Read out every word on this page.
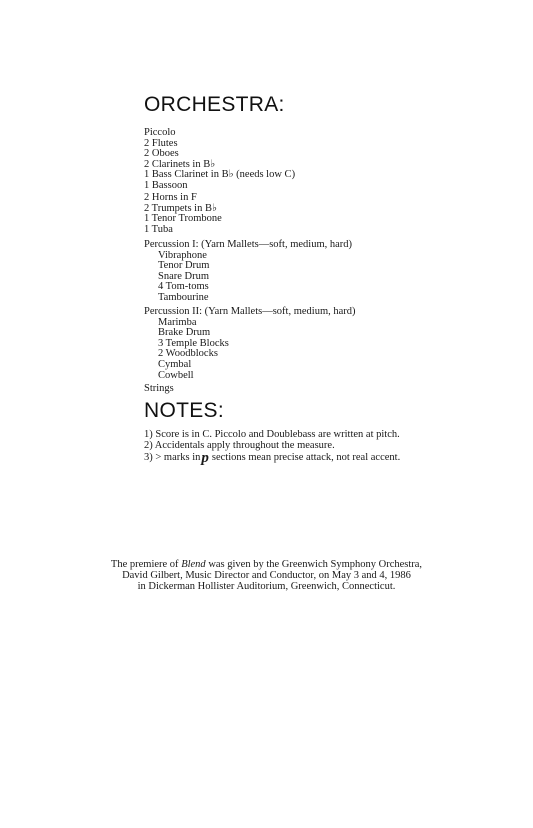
ORCHESTRA:
Piccolo
2 Flutes
2 Oboes
2 Clarinets in B♭
1 Bass Clarinet in B♭ (needs low C)
1 Bassoon
2 Horns in F
2 Trumpets in B♭
1 Tenor Trombone
1 Tuba
Percussion I: (Yarn Mallets—soft, medium, hard)
Vibraphone
Tenor Drum
Snare Drum
4 Tom-toms
Tambourine
Percussion II: (Yarn Mallets—soft, medium, hard)
Marimba
Brake Drum
3 Temple Blocks
2 Woodblocks
Cymbal
Cowbell
Strings
NOTES:
1) Score is in C. Piccolo and Doublebass are written at pitch.
2) Accidentals apply throughout the measure.
3) > marks inp sections mean precise attack, not real accent.
The premiere of Blend was given by the Greenwich Symphony Orchestra,
David Gilbert, Music Director and Conductor, on May 3 and 4, 1986
in Dickerman Hollister Auditorium, Greenwich, Connecticut.
